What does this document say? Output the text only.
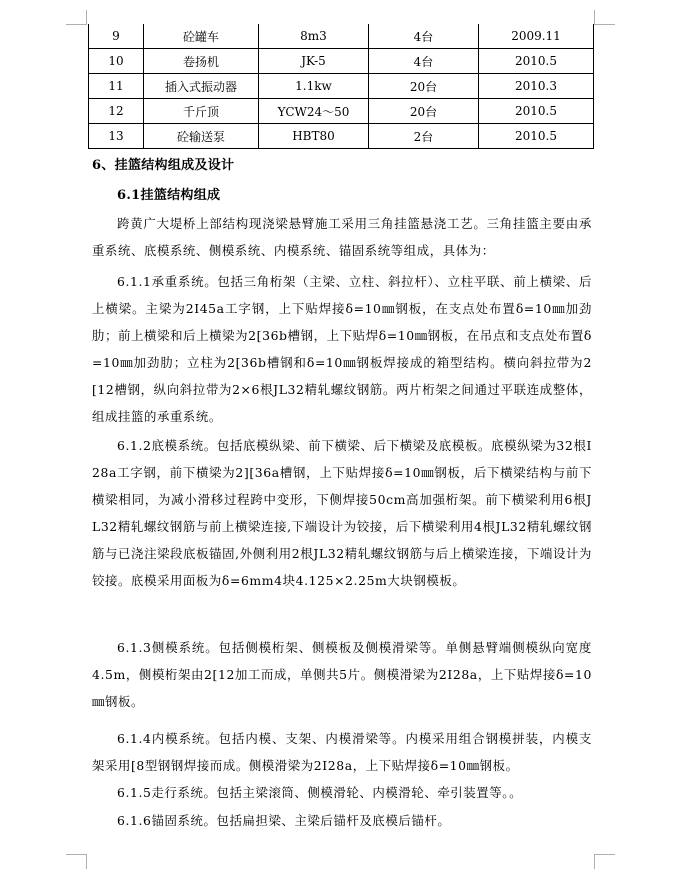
9	砼罐车	8m3	4台	2009.11
10	卷扬机	JK-5	4台	2010.5
11	插入式振动器	1.1kw	20台	2010.3
12	千斤顶	YCW24～50	20台	2010.5
13	砼输送泵	HBT80	2台	2010.5
6、挂篮结构组成及设计
6.1挂篮结构组成

跨黄广大堤桥上部结构现浇梁悬臂施工采用三角挂篮悬浇工艺。三角挂篮主要由承重系统、底模系统、侧模系统、内模系统、锚固系统等组成，具体为：

6.1.1承重系统。包括三角桁架（主梁、立柱、斜拉杆）、立柱平联、前上横梁、后上横梁。主梁为2I45a工字钢，上下贴焊接δ=10㎜钢板，在支点处布置δ=10㎜加劲肋；前上横梁和后上横梁为2[36b槽钢，上下贴焊δ=10㎜钢板，在吊点和支点处布置δ=10㎜加劲肋；立柱为2[36b槽钢和δ=10㎜钢板焊接成的箱型结构。横向斜拉带为2[12槽钢，纵向斜拉带为2×6根JL32精轧螺纹钢筋。两片桁架之间通过平联连成整体，组成挂篮的承重系统。

6.1.2底模系统。包括底模纵梁、前下横梁、后下横梁及底模板。底模纵梁为32根I28a工字钢，前下横梁为2][36a槽钢，上下贴焊接δ=10㎜钢板，后下横梁结构与前下横梁相同，为减小滑移过程跨中变形，下侧焊接50cm高加强桁架。前下横梁利用6根JL32精轧螺纹钢筋与前上横梁连接,下端设计为铰接，后下横梁利用4根JL32精轧螺纹钢筋与已浇注梁段底板锚固,外侧利用2根JL32精轧螺纹钢筋与后上横梁连接，下端设计为铰接。底模采用面板为δ=6mm4块4.125×2.25m大块钢模板。

6.1.3侧模系统。包括侧模桁架、侧模板及侧模滑梁等。单侧悬臂端侧模纵向宽度4.5m，侧模桁架由2[12加工而成，单侧共5片。侧模滑梁为2I28a，上下贴焊接δ=10㎜钢板。

6.1.4内模系统。包括内模、支架、内模滑梁等。内模采用组合钢模拼装，内模支架采用[8型钢钢焊接而成。侧模滑梁为2I28a，上下贴焊接δ=10㎜钢板。

6.1.5走行系统。包括主梁滚筒、侧模滑轮、内模滑轮、牵引装置等。。

6.1.6锚固系统。包括扁担梁、主梁后锚杆及底模后锚杆。
